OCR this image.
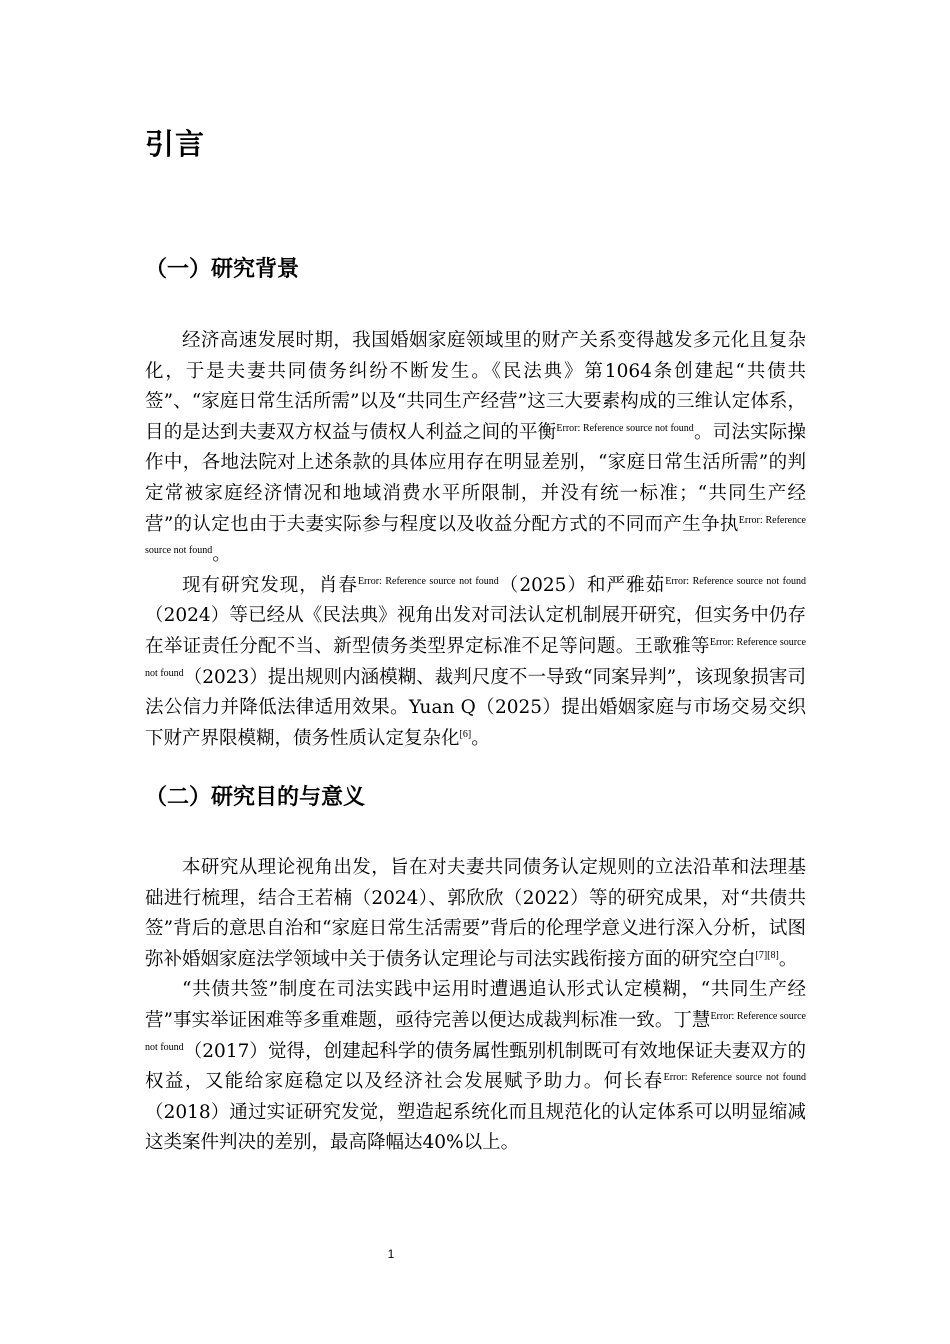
引言
（一）研究背景

经济高速发展时期，我国婚姻家庭领域里的财产关系变得越发多元化且复杂化，于是夫妻共同债务纠纷不断发生。《民法典》第1064条创建起“共债共签”、“家庭日常生活所需”以及“共同生产经营”这三大要素构成的三维认定体系，目的是达到夫妻双方权益与债权人利益之间的平衡$^{Error: Reference source not found}$。司法实际操作中，各地法院对上述条款的具体应用存在明显差别，“家庭日常生活所需”的判定常被家庭经济情况和地域消费水平所限制，并没有统一标准；“共同生产经营”的认定也由于夫妻实际参与程度以及收益分配方式的不同而产生争执$^{Error: Reference source not found}$。

现有研究发现，肖春$^{Error: Reference source not found}$（2025）和严雅茹$^{Error: Reference source not found}$（2024）等已经从《民法典》视角出发对司法认定机制展开研究，但实务中仍存在举证责任分配不当、新型债务类型界定标准不足等问题。王歌雅等$^{Error: Reference source not found}$（2023）提出规则内涵模糊、裁判尺度不一导致“同案异判”，该现象损害司法公信力并降低法律适用效果。Yuan Q（2025）提出婚姻家庭与市场交易交织下财产界限模糊，债务性质认定复杂化[6]。

（二）研究目的与意义

本研究从理论视角出发，旨在对夫妻共同债务认定规则的立法沿革和法理基础进行梳理，结合王若楠（2024）、郭欣欣（2022）等的研究成果，对“共债共签”背后的意思自治和“家庭日常生活需要”背后的伦理学意义进行深入分析，试图弥补婚姻家庭法学领域中关于债务认定理论与司法实践衔接方面的研究空白[7][8]。

“共债共签”制度在司法实践中运用时遭遇追认形式认定模糊，“共同生产经营”事实举证困难等多重难题，亟待完善以便达成裁判标准一致。丁慧$^{Error: Reference source not found}$（2017）觉得，创建起科学的债务属性甄别机制既可有效地保证夫妻双方的权益，又能给家庭稳定以及经济社会发展赋予助力。何长春$^{Error: Reference source not found}$（2018）通过实证研究发觉，塑造起系统化而且规范化的认定体系可以明显缩减这类案件判决的差别，最高降幅达40%以上。

1
